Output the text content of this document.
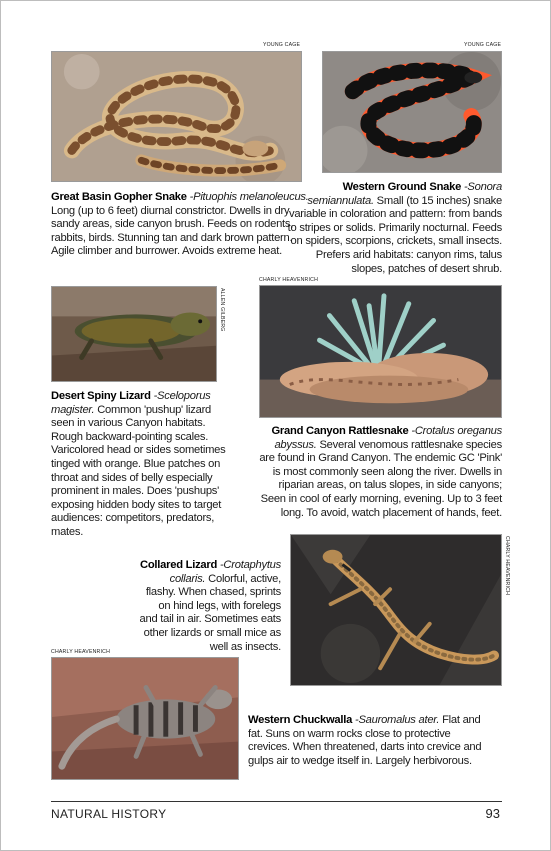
YOUNG CAGE	YOUNG CAGE
Great Basin Gopher Snake -Pituophis melanoleucus. Long (up to 6 feet) diurnal constrictor. Dwells in dry sandy areas, side canyon brush. Feeds on rodents, rabbits, birds. Stunning tan and dark brown pattern. Agile climber and burrower. Avoids extreme heat.
Western Ground Snake -Sonora semiannulata. Small (to 15 inches) snake variable in coloration and pattern: from bands to stripes or solids. Primarily nocturnal. Feeds on spiders, scorpions, crickets, small insects. Prefers arid habitats: canyon rims, talus slopes, patches of desert shrub.
ALLEN GILBERG
CHARLY HEAVENRICH
Desert Spiny Lizard -Sceloporus magister. Common 'pushup' lizard seen in various Canyon habitats. Rough backward-pointing scales. Varicolored head or sides sometimes tinged with orange. Blue patches on throat and sides of belly especially prominent in males. Does 'pushups' exposing hidden body sites to target audiences: competitors, predators, mates.
Grand Canyon Rattlesnake -Crotalus oreganus abyssus. Several venomous rattlesnake species are found in Grand Canyon. The endemic GC 'Pink' is most commonly seen along the river. Dwells in riparian areas, on talus slopes, in side canyons; Seen in cool of early morning, evening. Up to 3 feet long. To avoid, watch placement of hands, feet.
CHARLY HEAVENRICH
Collared Lizard -Crotaphytus collaris. Colorful, active, flashy. When chased, sprints on hind legs, with forelegs and tail in air. Sometimes eats other lizards or small mice as well as insects.
CHARLY HEAVENRICH
Western Chuckwalla -Sauromalus ater. Flat and fat. Suns on warm rocks close to protective crevices. When threatened, darts into crevice and gulps air to wedge itself in. Largely herbivorous.
NATURAL HISTORY	93
